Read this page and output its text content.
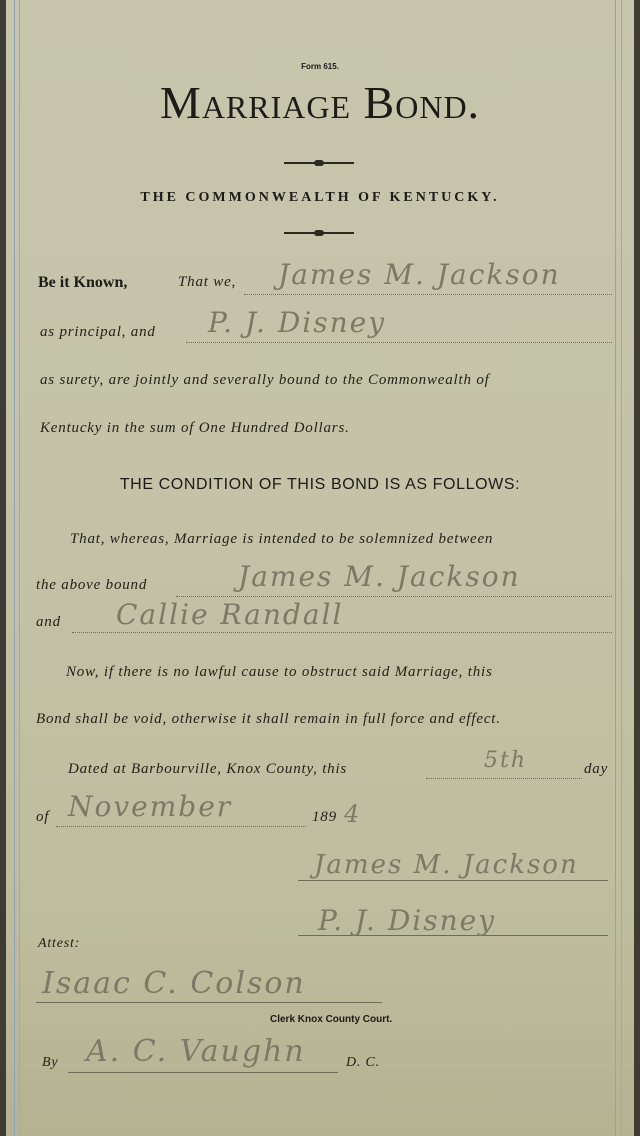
Form 615.
Marriage Bond.
THE COMMONWEALTH OF KENTUCKY.
Be it Known,	That we, James M. Jackson
as principal, and P. J. Disney
as surety, are jointly and severally bound to the Commonwealth of
Kentucky in the sum of One Hundred Dollars.
THE CONDITION OF THIS BOND IS AS FOLLOWS:
That, whereas, Marriage is intended to be solemnized between
the above bound	James M. Jackson
and Callie Randall
Now, if there is no lawful cause to obstruct said Marriage, this
Bond shall be void, otherwise it shall remain in full force and effect.
Dated at Barbourville, Knox County, this	5th	day
of November	189 4
James M. Jackson
P. J. Disney
Attest:
Isaac C. Colson
Clerk Knox County Court.
By A. C. Vaughn	D. C.
